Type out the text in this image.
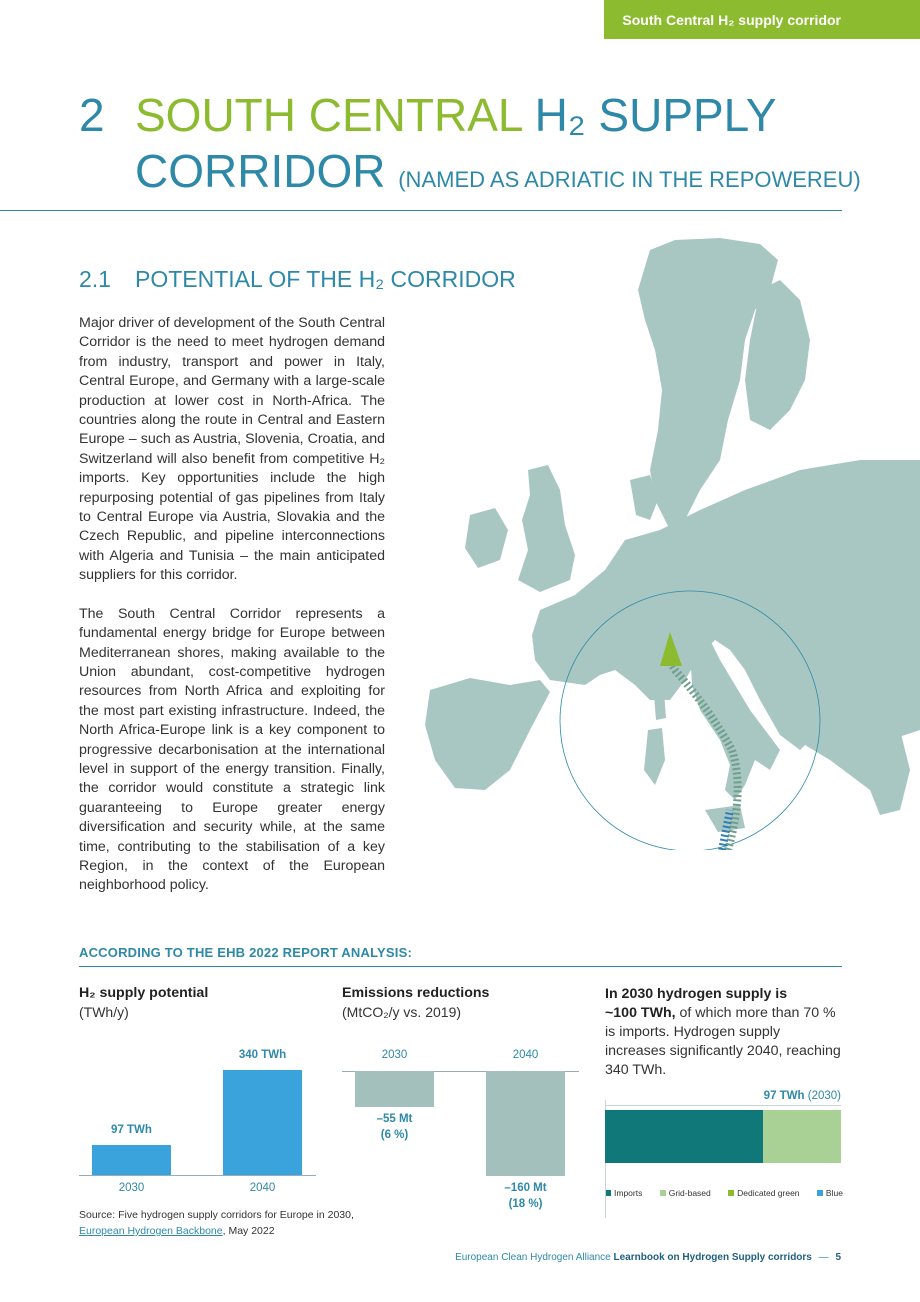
South Central H₂ supply corridor
2 SOUTH CENTRAL H₂ SUPPLY
CORRIDOR (NAMED AS ADRIATIC IN THE REPOWEREU)
2.1 POTENTIAL OF THE H₂ CORRIDOR

Major driver of development of the South Central Corridor is the need to meet hydrogen demand from industry, transport and power in Italy, Central Europe, and Germany with a large-scale production at lower cost in North-Africa. The countries along the route in Central and Eastern Europe – such as Austria, Slovenia, Croatia, and Switzerland will also benefit from competitive H₂ imports. Key opportunities include the high repurposing potential of gas pipelines from Italy to Central Europe via Austria, Slovakia and the Czech Republic, and pipeline interconnections with Algeria and Tunisia – the main anticipated suppliers for this corridor.

The South Central Corridor represents a fundamental energy bridge for Europe between Mediterranean shores, making available to the Union abundant, cost-competitive hydrogen resources from North Africa and exploiting for the most part existing infrastructure. Indeed, the North Africa-Europe link is a key component to progressive decarbonisation at the international level in support of the energy transition. Finally, the corridor would constitute a strategic link guaranteeing to Europe greater energy diversification and security while, at the same time, contributing to the stabilisation of a key Region, in the context of the European neighborhood policy.

ACCORDING TO THE EHB 2022 REPORT ANALYSIS:
H₂ supply potential
(TWh/y)
Emissions reductions
(MtCO₂/y vs. 2019)
In 2030 hydrogen supply is
~100 TWh, of which more than 70 % is imports. Hydrogen supply increases significantly 2040, reaching 340 TWh.
Imports	Grid-based	Dedicated green	Blue
Source: Five hydrogen supply corridors for Europe in 2030,
European Hydrogen Backbone, May 2022
European Clean Hydrogen Alliance Learnbook on Hydrogen Supply corridors — 5
97 TWh
2030
340 TWh
2040
2030
–55 Mt
(6 %)
2040
–160 Mt
(18 %)
97 TWh (2030)
